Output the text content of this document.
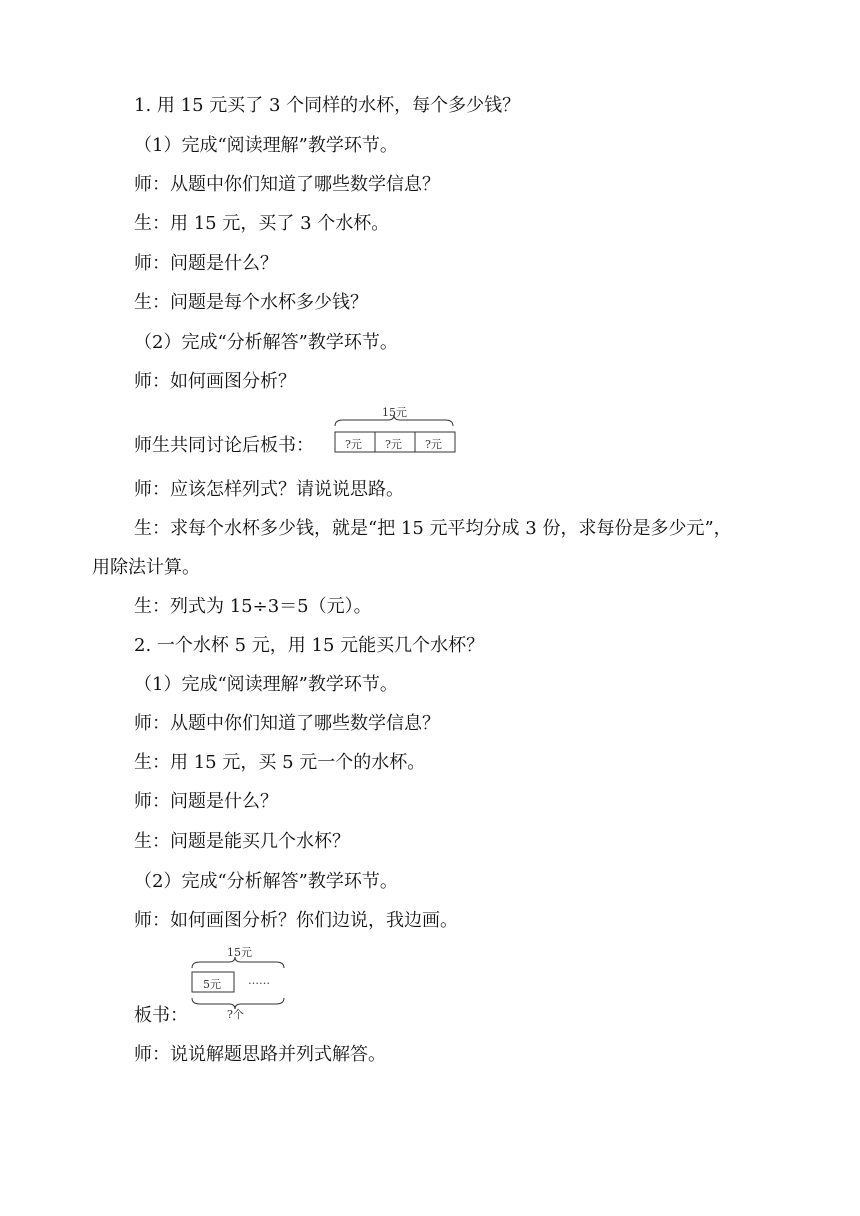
1. 用 15 元买了 3 个同样的水杯，每个多少钱？
（1）完成“阅读理解”教学环节。
师：从题中你们知道了哪些数学信息？
生：用 15 元，买了 3 个水杯。
师：问题是什么？
生：问题是每个水杯多少钱？
（2）完成“分析解答”教学环节。
师：如何画图分析？
师生共同讨论后板书：
15元
?元 ?元 ?元
师：应该怎样列式？请说说思路。
生：求每个水杯多少钱，就是“把 15 元平均分成 3 份，求每份是多少元”，
用除法计算。
生：列式为 15÷3＝5（元）。
2. 一个水杯 5 元，用 15 元能买几个水杯？
（1）完成“阅读理解”教学环节。
师：从题中你们知道了哪些数学信息？
生：用 15 元，买 5 元一个的水杯。
师：问题是什么？
生：问题是能买几个水杯？
（2）完成“分析解答”教学环节。
师：如何画图分析？你们边说，我边画。
15元
5元 ……
?个
板书：
师：说说解题思路并列式解答。
